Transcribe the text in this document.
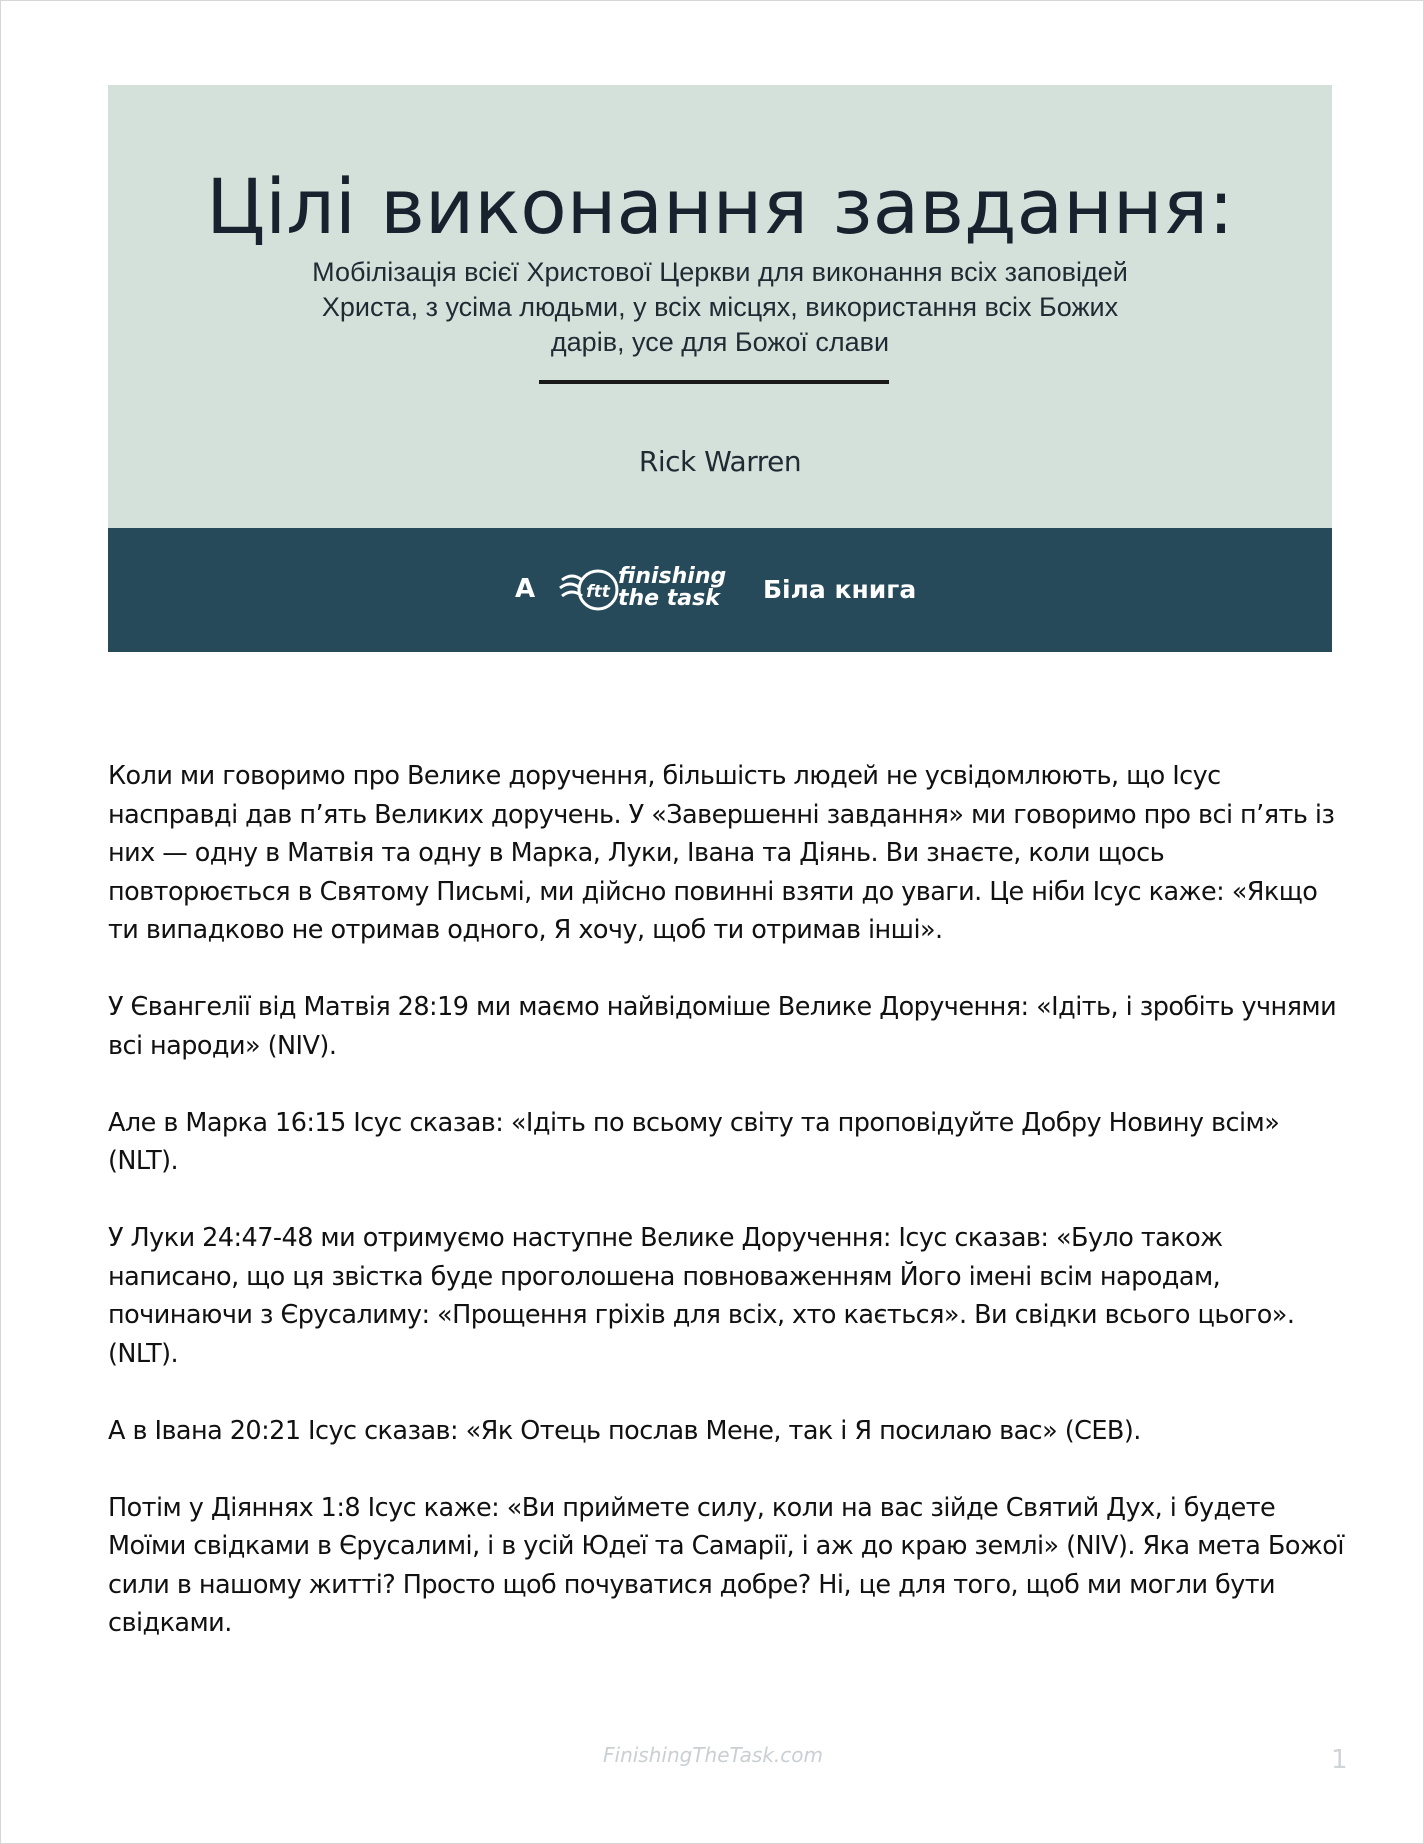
Цілі виконання завдання:
Мобілізація всієї Христової Церкви для виконання всіх заповідей Христа, з усіма людьми, у всіх місцях, використання всіх Божих дарів, усе для Божої слави
Rick Warren
A	ftt
finishing
the task Біла книга

Коли ми говоримо про Велике доручення, більшість людей не усвідомлюють, що Ісус насправді дав п’ять Великих доручень. У «Завершенні завдання» ми говоримо про всі п’ять із них — одну в Матвія та одну в Марка, Луки, Івана та Діянь. Ви знаєте, коли щось повторюється в Святому Письмі, ми дійсно повинні взяти до уваги. Це ніби Ісус каже: «Якщо ти випадково не отримав одного, Я хочу, щоб ти отримав інші».

У Євангелії від Матвія 28:19 ми маємо найвідоміше Велике Доручення: «Ідіть, і зробіть учнями всі народи» (NIV).

Але в Марка 16:15 Ісус сказав: «Ідіть по всьому світу та проповідуйте Добру Новину всім» (NLT).

У Луки 24:47-48 ми отримуємо наступне Велике Доручення: Ісус сказав: «Було також написано, що ця звістка буде проголошена повноваженням Його імені всім народам, починаючи з Єрусалиму: «Прощення гріхів для всіх, хто кається». Ви свідки всього цього». (NLT).

А в Івана 20:21 Ісус сказав: «Як Отець послав Мене, так і Я посилаю вас» (CEB).

Потім у Діяннях 1:8 Ісус каже: «Ви приймете силу, коли на вас зійде Святий Дух, і будете Моїми свідками в Єрусалимі, і в усій Юдеї та Самарії, і аж до краю землі» (NIV). Яка мета Божої сили в нашому житті? Просто щоб почуватися добре? Ні, це для того, щоб ми могли бути свідками.

FinishingTheTask.com	1
